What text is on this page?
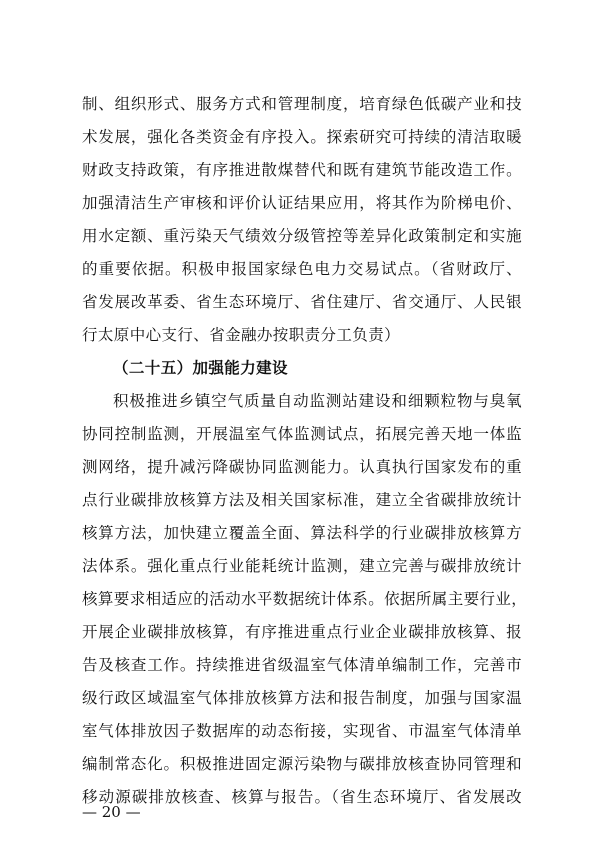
制、组织形式、服务方式和管理制度，培育绿色低碳产业和技
术发展，强化各类资金有序投入。探索研究可持续的清洁取暖
财政支持政策，有序推进散煤替代和既有建筑节能改造工作。
加强清洁生产审核和评价认证结果应用，将其作为阶梯电价、
用水定额、重污染天气绩效分级管控等差异化政策制定和实施
的重要依据。积极申报国家绿色电力交易试点。（省财政厅、
省发展改革委、省生态环境厅、省住建厅、省交通厅、人民银
行太原中心支行、省金融办按职责分工负责）
（二十五）加强能力建设
积极推进乡镇空气质量自动监测站建设和细颗粒物与臭氧
协同控制监测，开展温室气体监测试点，拓展完善天地一体监
测网络，提升减污降碳协同监测能力。认真执行国家发布的重
点行业碳排放核算方法及相关国家标准，建立全省碳排放统计
核算方法，加快建立覆盖全面、算法科学的行业碳排放核算方
法体系。强化重点行业能耗统计监测，建立完善与碳排放统计
核算要求相适应的活动水平数据统计体系。依据所属主要行业，
开展企业碳排放核算，有序推进重点行业企业碳排放核算、报
告及核查工作。持续推进省级温室气体清单编制工作，完善市
级行政区域温室气体排放核算方法和报告制度，加强与国家温
室气体排放因子数据库的动态衔接，实现省、市温室气体清单
编制常态化。积极推进固定源污染物与碳排放核查协同管理和
移动源碳排放核查、核算与报告。（省生态环境厅、省发展改
— 20 —
